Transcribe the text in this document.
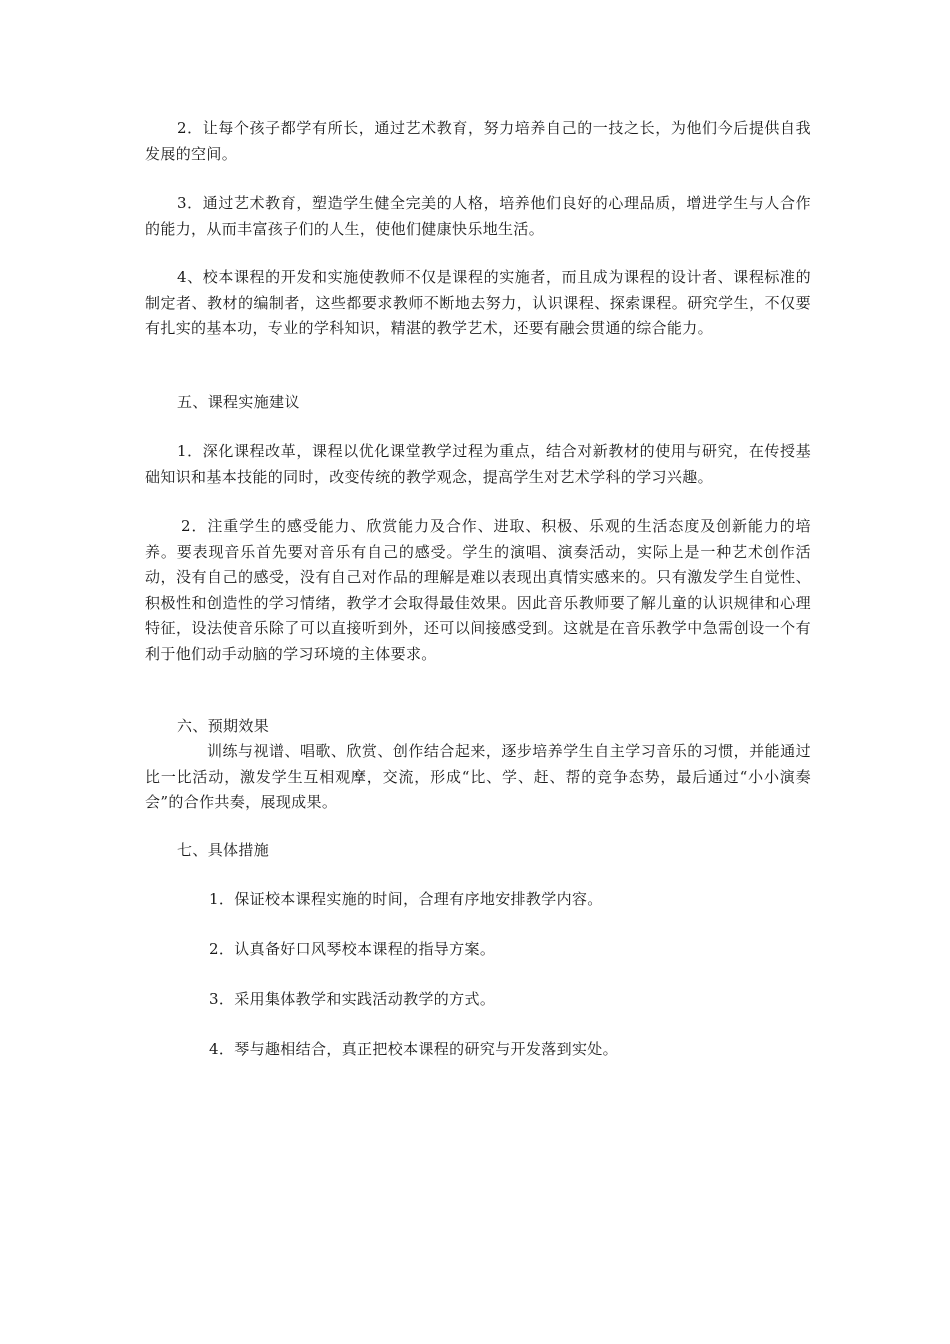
2．让每个孩子都学有所长，通过艺术教育，努力培养自己的一技之长，为他们今后提供自我发展的空间。

3．通过艺术教育，塑造学生健全完美的人格，培养他们良好的心理品质，增进学生与人合作的能力，从而丰富孩子们的人生，使他们健康快乐地生活。

4、校本课程的开发和实施使教师不仅是课程的实施者，而且成为课程的设计者、课程标准的制定者、教材的编制者，这些都要求教师不断地去努力，认识课程、探索课程。研究学生，不仅要有扎实的基本功，专业的学科知识，精湛的教学艺术，还要有融会贯通的综合能力。

五、课程实施建议

1．深化课程改革，课程以优化课堂教学过程为重点，结合对新教材的使用与研究，在传授基础知识和基本技能的同时，改变传统的教学观念，提高学生对艺术学科的学习兴趣。

2．注重学生的感受能力、欣赏能力及合作、进取、积极、乐观的生活态度及创新能力的培养。要表现音乐首先要对音乐有自己的感受。学生的演唱、演奏活动，实际上是一种艺术创作活动，没有自己的感受，没有自己对作品的理解是难以表现出真情实感来的。只有激发学生自觉性、积极性和创造性的学习情绪，教学才会取得最佳效果。因此音乐教师要了解儿童的认识规律和心理特征，设法使音乐除了可以直接听到外，还可以间接感受到。这就是在音乐教学中急需创设一个有利于他们动手动脑的学习环境的主体要求。

六、预期效果

训练与视谱、唱歌、欣赏、创作结合起来，逐步培养学生自主学习音乐的习惯，并能通过比一比活动，激发学生互相观摩，交流，形成“比、学、赶、帮的竞争态势，最后通过“小小演奏会”的合作共奏，展现成果。

七、具体措施

1．保证校本课程实施的时间，合理有序地安排教学内容。

2．认真备好口风琴校本课程的指导方案。

3．采用集体教学和实践活动教学的方式。

4．琴与趣相结合，真正把校本课程的研究与开发落到实处。
